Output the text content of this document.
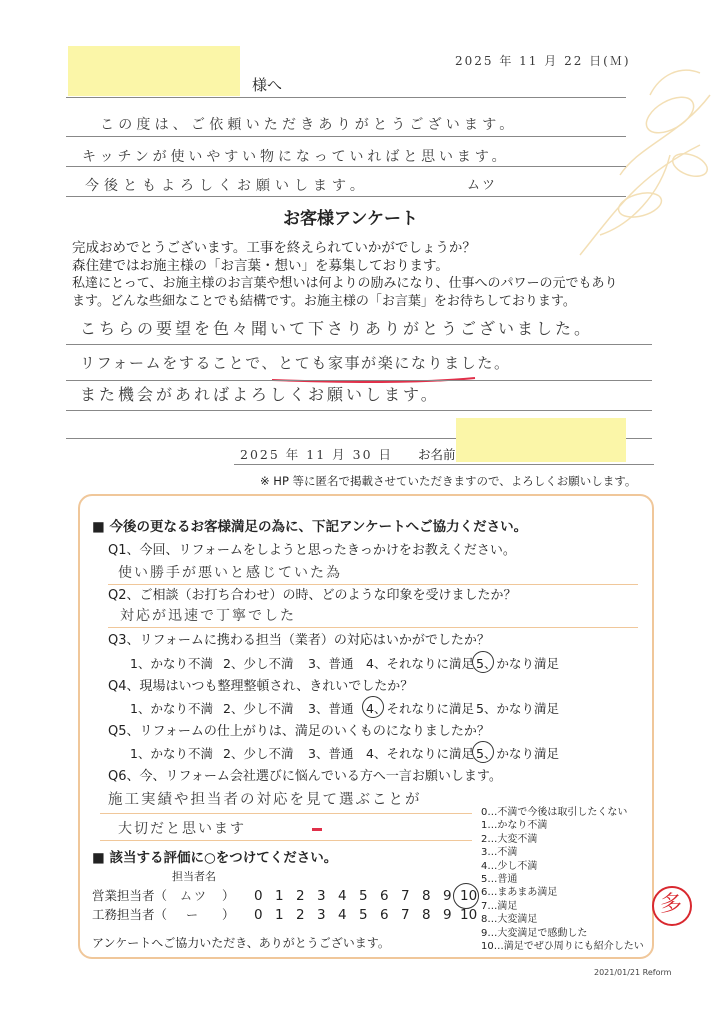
2025 年 11 月 22 日(Ｍ)
様へ
この度は、ご依頼いただきありがとうございます。
キッチンが使いやすい物になっていればと思います。
今後ともよろしくお願いします。	ムツ
お客様アンケート
完成おめでとうございます。工事を終えられていかがでしょうか？
森住建ではお施主様の「お言葉・想い」を募集しております。
私達にとって、お施主様のお言葉や想いは何よりの励みになり、仕事へのパワーの元でもあり
ます。どんな些細なことでも結構です。お施主様の「お言葉」をお待ちしております。
こちらの要望を色々聞いて下さりありがとうございました。
リフォームをすることで、とても家事が楽になりました。
また機会があればよろしくお願いします。
2025 年 11 月 30 日 お名前
※ HP 等に匿名で掲載させていただきますので、よろしくお願いします。
■ 今後の更なるお客様満足の為に、下記アンケートへご協力ください。
Q1、今回、リフォームをしようと思ったきっかけをお教えください。
使い勝手が悪いと感じていた為
Q2、ご相談（お打ち合わせ）の時、どのような印象を受けましたか？
対応が迅速で丁寧でした
Q3、リフォームに携わる担当（業者）の対応はいかがでしたか？
1、かなり不満 2、少し不満 3、普通 4、それなりに満足 5、かなり満足
Q4、現場はいつも整理整頓され、きれいでしたか？
1、かなり不満 2、少し不満 3、普通 4、それなりに満足 5、かなり満足
Q5、リフォームの仕上がりは、満足のいくものになりましたか？
1、かなり不満 2、少し不満 3、普通 4、それなりに満足 5、かなり満足
Q6、今、リフォーム会社選びに悩んでいる方へ一言お願いします。
施工実績や担当者の対応を見て選ぶことが
大切だと思います
0…不満で今後は取引したくない
1…かなり不満
2…大変不満
3…不満
4…少し不満
5…普通
6…まあまあ満足
7…満足
8…大変満足
9…大変満足で感動した
10…満足でぜひ周りにも紹介したい
■ 該当する評価に○をつけてください。
担当者名
営業担当者（ ムツ ） 0 1 2 3 4 5 6 7 8 9 10
工務担当者（ ー ） 0 1 2 3 4 5 6 7 8 9 10
アンケートへご協力いただき、ありがとうございます。
多
2021/01/21 Reform
